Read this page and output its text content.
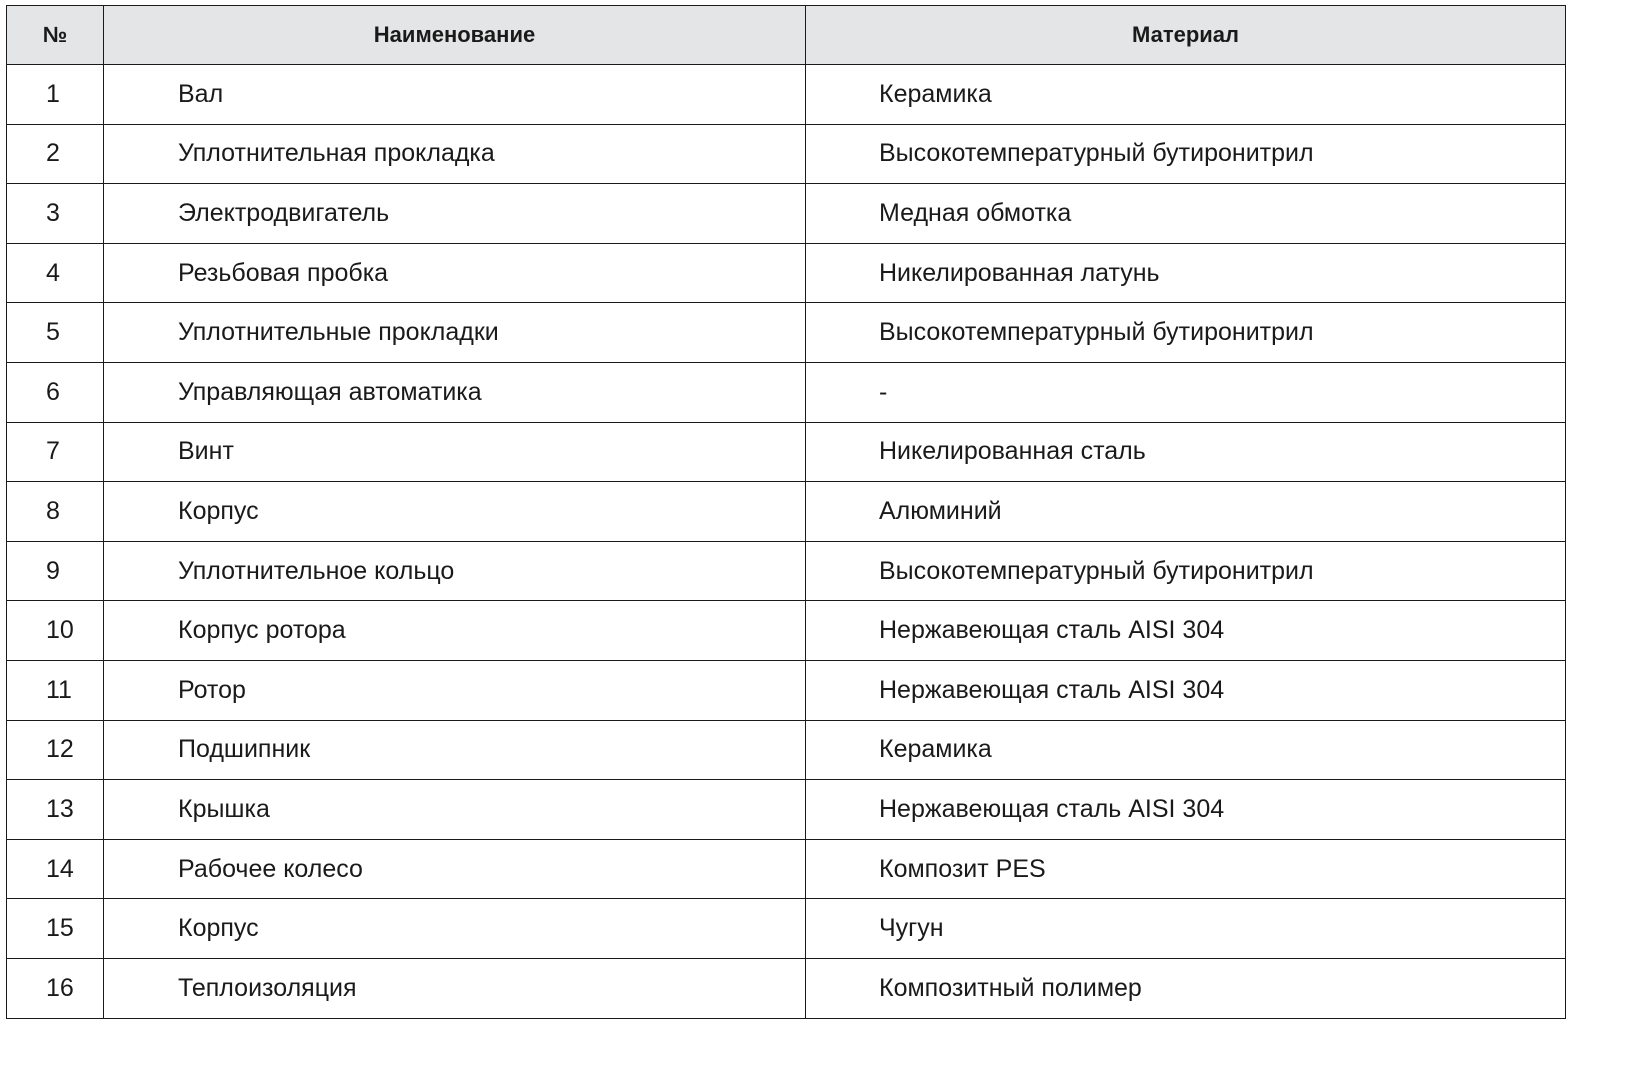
№	Наименование	Материал
1	Вал	Керамика
2	Уплотнительная прокладка	Высокотемпературный бутиронитрил
3	Электродвигатель	Медная обмотка
4	Резьбовая пробка	Никелированная латунь
5	Уплотнительные прокладки	Высокотемпературный бутиронитрил
6	Управляющая автоматика	-
7	Винт	Никелированная сталь
8	Корпус	Алюминий
9	Уплотнительное кольцо	Высокотемпературный бутиронитрил
10	Корпус ротора	Нержавеющая сталь AISI 304
11	Ротор	Нержавеющая сталь AISI 304
12	Подшипник	Керамика
13	Крышка	Нержавеющая сталь AISI 304
14	Рабочее колесо	Композит PES
15	Корпус	Чугун
16	Теплоизоляция	Композитный полимер
